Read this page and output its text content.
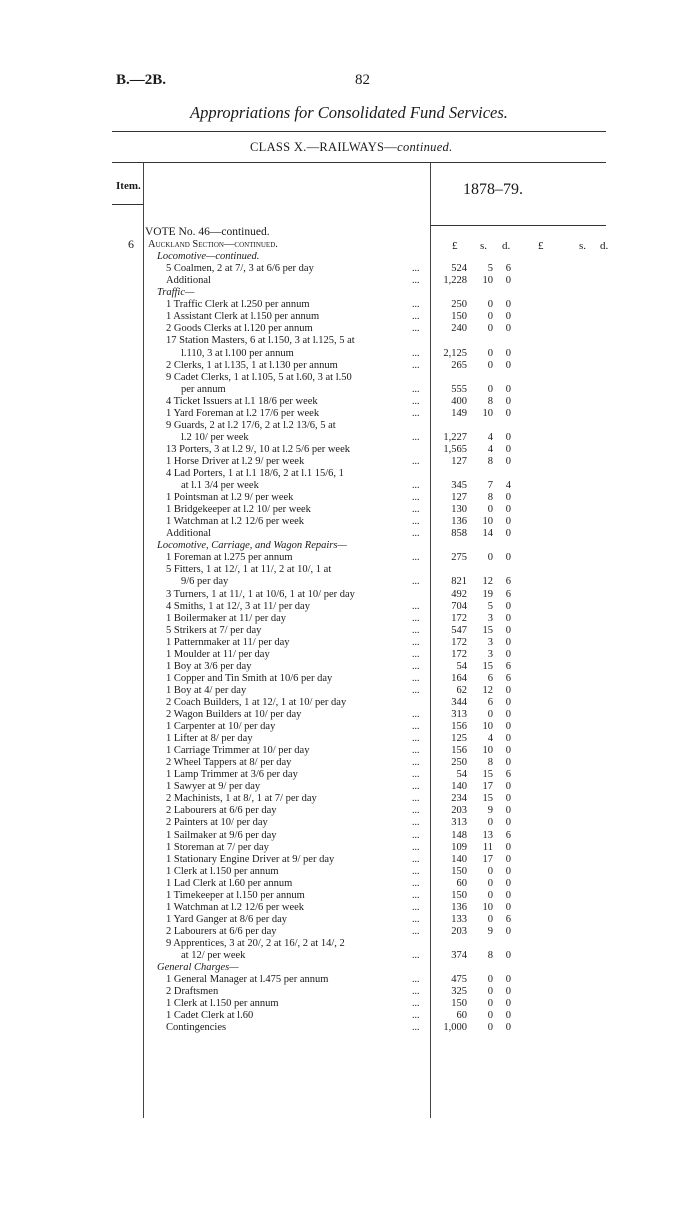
B.—2B.	82
Appropriations for Consolidated Fund Services.
CLASS X.—RAILWAYS—continued.
Item.	1878–79.
6	£ s. d.	£	s. d.
VOTE No. 46—continued.
Auckland Section—continued.
Locomotive—continued.
5 Coalmen, 2 at 7/, 3 at 6/6 per day	...	524	5	6
Additional	...	1,228	10	0
Traffic—
1 Traffic Clerk at l.250 per annum	...	250	0	0
1 Assistant Clerk at l.150 per annum	...	150	0	0
2 Goods Clerks at l.120 per annum	...	240	0	0
17 Station Masters, 6 at l.150, 3 at l.125, 5 at
l.110, 3 at l.100 per annum	...	2,125	0	0
2 Clerks, 1 at l.135, 1 at l.130 per annum	...	265	0	0
9 Cadet Clerks, 1 at l.105, 5 at l.60, 3 at l.50
per annum	...	555	0	0
4 Ticket Issuers at l.1 18/6 per week	...	400	8	0
1 Yard Foreman at l.2 17/6 per week	...	149	10	0
9 Guards, 2 at l.2 17/6, 2 at l.2 13/6, 5 at
l.2 10/ per week	...	1,227	4	0
13 Porters, 3 at l.2 9/, 10 at l.2 5/6 per week	1,565	4	0
1 Horse Driver at l.2 9/ per week	...	127	8	0
4 Lad Porters, 1 at l.1 18/6, 2 at l.1 15/6, 1
at l.1 3/4 per week	...	345	7	4
1 Pointsman at l.2 9/ per week	...	127	8	0
1 Bridgekeeper at l.2 10/ per week	...	130	0	0
1 Watchman at l.2 12/6 per week	...	136	10	0
Additional	...	858	14	0
Locomotive, Carriage, and Wagon Repairs—
1 Foreman at l.275 per annum	...	275	0	0
5 Fitters, 1 at 12/, 1 at 11/, 2 at 10/, 1 at
9/6 per day	...	821	12	6
3 Turners, 1 at 11/, 1 at 10/6, 1 at 10/ per day	492	19	6
4 Smiths, 1 at 12/, 3 at 11/ per day	...	704	5	0
1 Boilermaker at 11/ per day	...	172	3	0
5 Strikers at 7/ per day	...	547	15	0
1 Patternmaker at 11/ per day	...	172	3	0
1 Moulder at 11/ per day	...	172	3	0
1 Boy at 3/6 per day	...	54	15	6
1 Copper and Tin Smith at 10/6 per day	...	164	6	6
1 Boy at 4/ per day	...	62	12	0
2 Coach Builders, 1 at 12/, 1 at 10/ per day	344	6	0
2 Wagon Builders at 10/ per day	...	313	0	0
1 Carpenter at 10/ per day	...	156	10	0
1 Lifter at 8/ per day	...	125	4	0
1 Carriage Trimmer at 10/ per day	...	156	10	0
2 Wheel Tappers at 8/ per day	...	250	8	0
1 Lamp Trimmer at 3/6 per day	...	54	15	6
1 Sawyer at 9/ per day	...	140	17	0
2 Machinists, 1 at 8/, 1 at 7/ per day	...	234	15	0
2 Labourers at 6/6 per day	...	203	9	0
2 Painters at 10/ per day	...	313	0	0
1 Sailmaker at 9/6 per day	...	148	13	6
1 Storeman at 7/ per day	...	109	11	0
1 Stationary Engine Driver at 9/ per day	...	140	17	0
1 Clerk at l.150 per annum	...	150	0	0
1 Lad Clerk at l.60 per annum	...	60	0	0
1 Timekeeper at l.150 per annum	...	150	0	0
1 Watchman at l.2 12/6 per week	...	136	10	0
1 Yard Ganger at 8/6 per day	...	133	0	6
2 Labourers at 6/6 per day	...	203	9	0
9 Apprentices, 3 at 20/, 2 at 16/, 2 at 14/, 2
at 12/ per week	...	374	8	0
General Charges—
1 General Manager at l.475 per annum	...	475	0	0
2 Draftsmen	...	325	0	0
1 Clerk at l.150 per annum	...	150	0	0
1 Cadet Clerk at l.60	...	60	0	0
Contingencies	...	1,000	0	0
